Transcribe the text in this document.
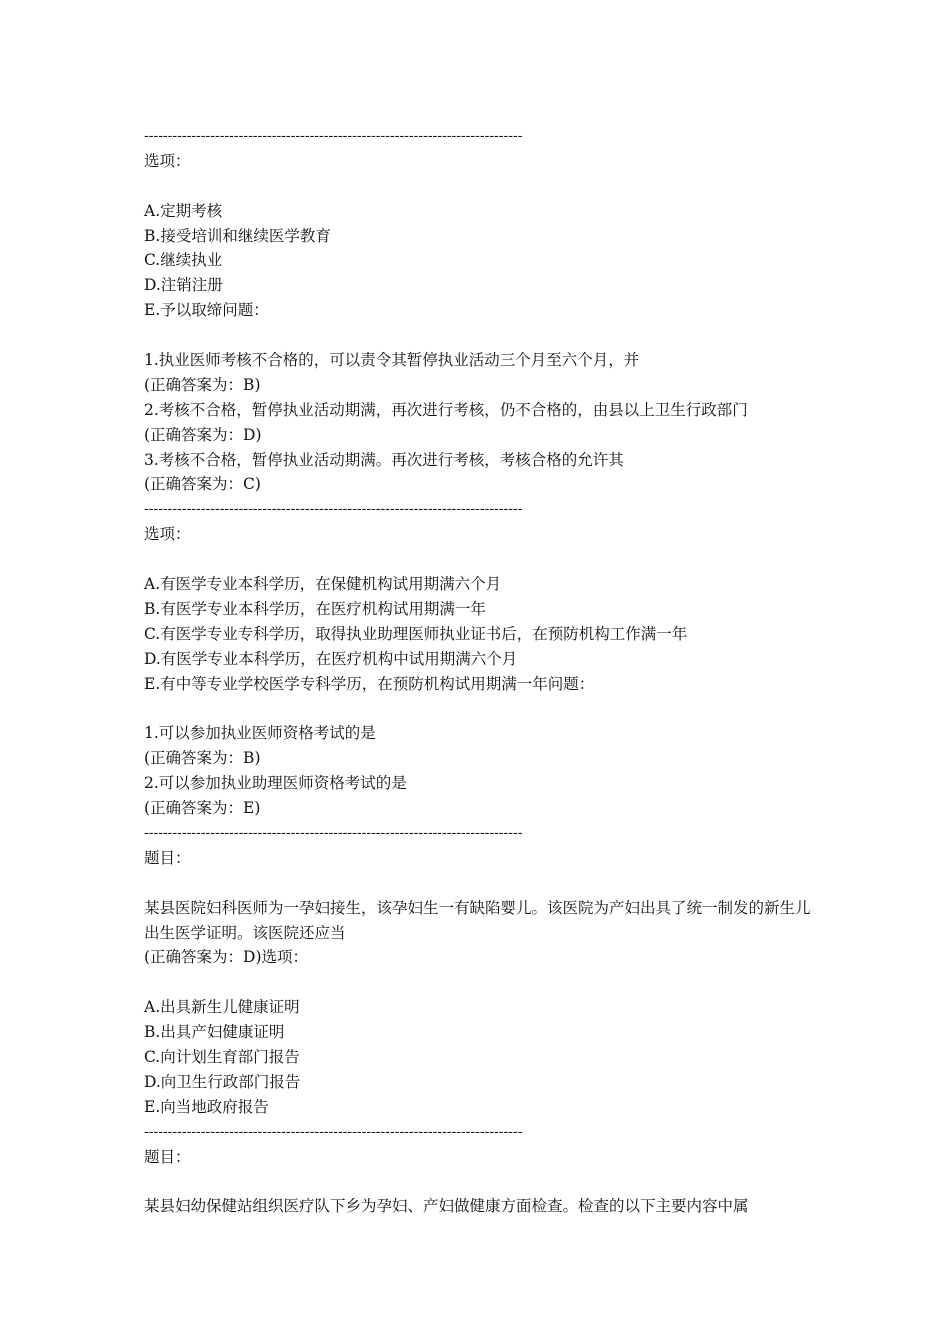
--------------------------------------------------------------------------------
选项：
A.定期考核
B.接受培训和继续医学教育
C.继续执业
D.注销注册
E.予以取缔问题：
1.执业医师考核不合格的，可以责令其暂停执业活动三个月至六个月，并
(正确答案为：B)
2.考核不合格，暂停执业活动期满，再次进行考核，仍不合格的，由县以上卫生行政部门
(正确答案为：D)
3.考核不合格，暂停执业活动期满。再次进行考核，考核合格的允许其
(正确答案为：C)
--------------------------------------------------------------------------------
选项：
A.有医学专业本科学历，在保健机构试用期满六个月
B.有医学专业本科学历，在医疗机构试用期满一年
C.有医学专业专科学历，取得执业助理医师执业证书后，在预防机构工作满一年
D.有医学专业本科学历，在医疗机构中试用期满六个月
E.有中等专业学校医学专科学历，在预防机构试用期满一年问题：
1.可以参加执业医师资格考试的是
(正确答案为：B)
2.可以参加执业助理医师资格考试的是
(正确答案为：E)
--------------------------------------------------------------------------------
题目：
某县医院妇科医师为一孕妇接生，该孕妇生一有缺陷婴儿。该医院为产妇出具了统一制发的新生儿出生医学证明。该医院还应当
(正确答案为：D)选项：
A.出具新生儿健康证明
B.出具产妇健康证明
C.向计划生育部门报告
D.向卫生行政部门报告
E.向当地政府报告
--------------------------------------------------------------------------------
题目：
某县妇幼保健站组织医疗队下乡为孕妇、产妇做健康方面检查。检查的以下主要内容中属
